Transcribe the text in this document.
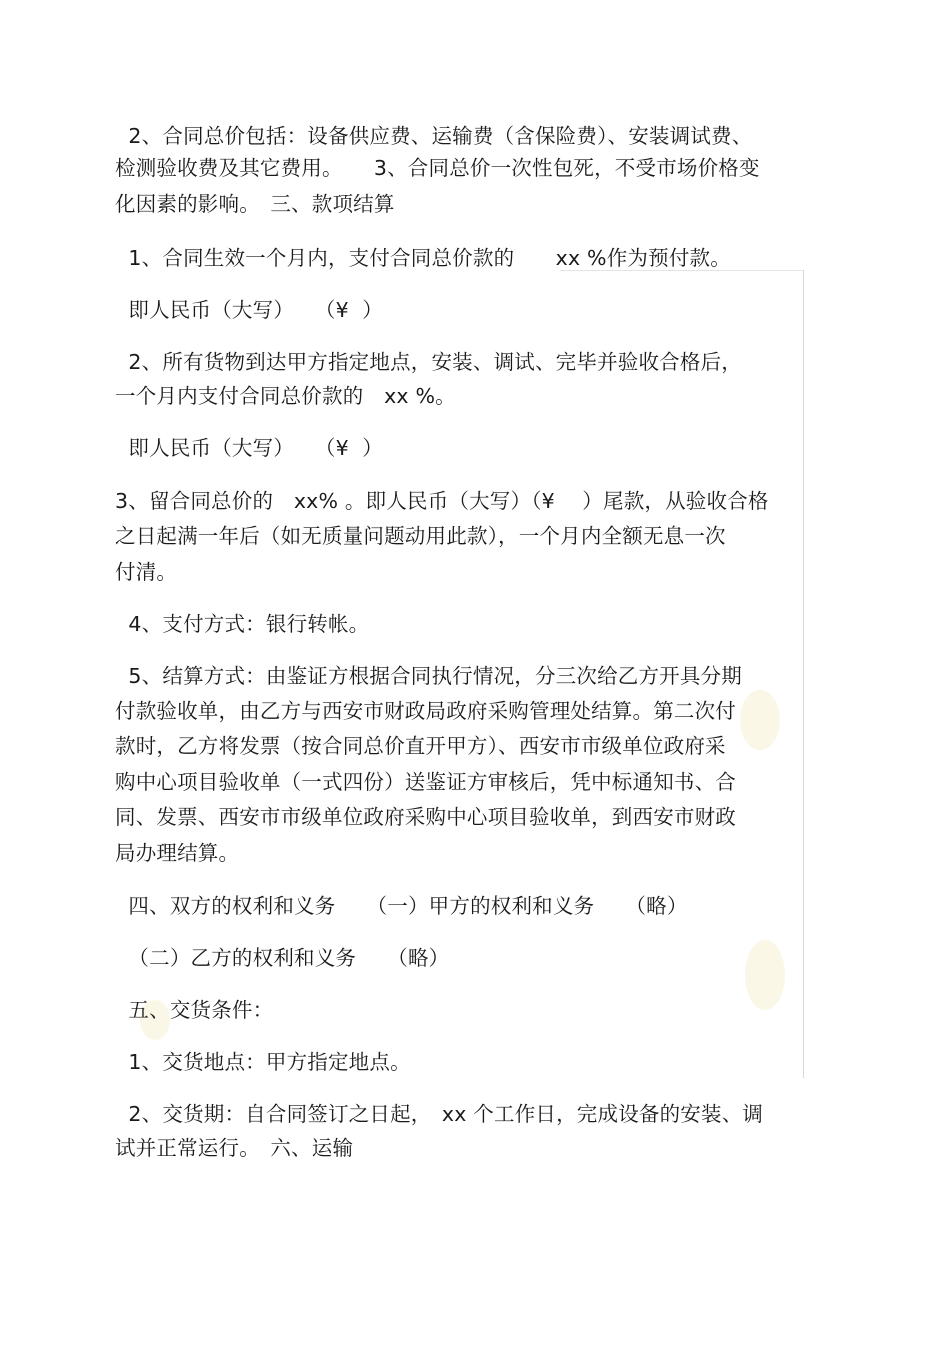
2、合同总价包括：设备供应费、运输费（含保险费）、安装调试费、

检测验收费及其它费用。　　3、合同总价一次性包死，不受市场价格变

化因素的影响。　三、款项结算

1、合同生效一个月内，支付合同总价款的　　xx %作为预付款。

即人民币（大写）　　（¥  ）

2、所有货物到达甲方指定地点，安装、调试、完毕并验收合格后，

一个月内支付合同总价款的　xx %。

即人民币（大写）　　（¥  ）

3、留合同总价的　xx% 。即人民币（大写）（¥　 ）尾款，从验收合格

之日起满一年后（如无质量问题动用此款），一个月内全额无息一次

付清。

4、支付方式：银行转帐。

5、结算方式：由鉴证方根据合同执行情况，分三次给乙方开具分期

付款验收单，由乙方与西安市财政局政府采购管理处结算。第二次付

款时，乙方将发票（按合同总价直开甲方）、西安市市级单位政府采

购中心项目验收单（一式四份）送鉴证方审核后，凭中标通知书、合

同、发票、西安市市级单位政府采购中心项目验收单，到西安市财政

局办理结算。

四、双方的权利和义务　　（一）甲方的权利和义务　　（略）

（二）乙方的权利和义务　　（略）

五、交货条件：

1、交货地点：甲方指定地点。

2、交货期：自合同签订之日起，　xx 个工作日，完成设备的安装、调

试并正常运行。　六、运输
